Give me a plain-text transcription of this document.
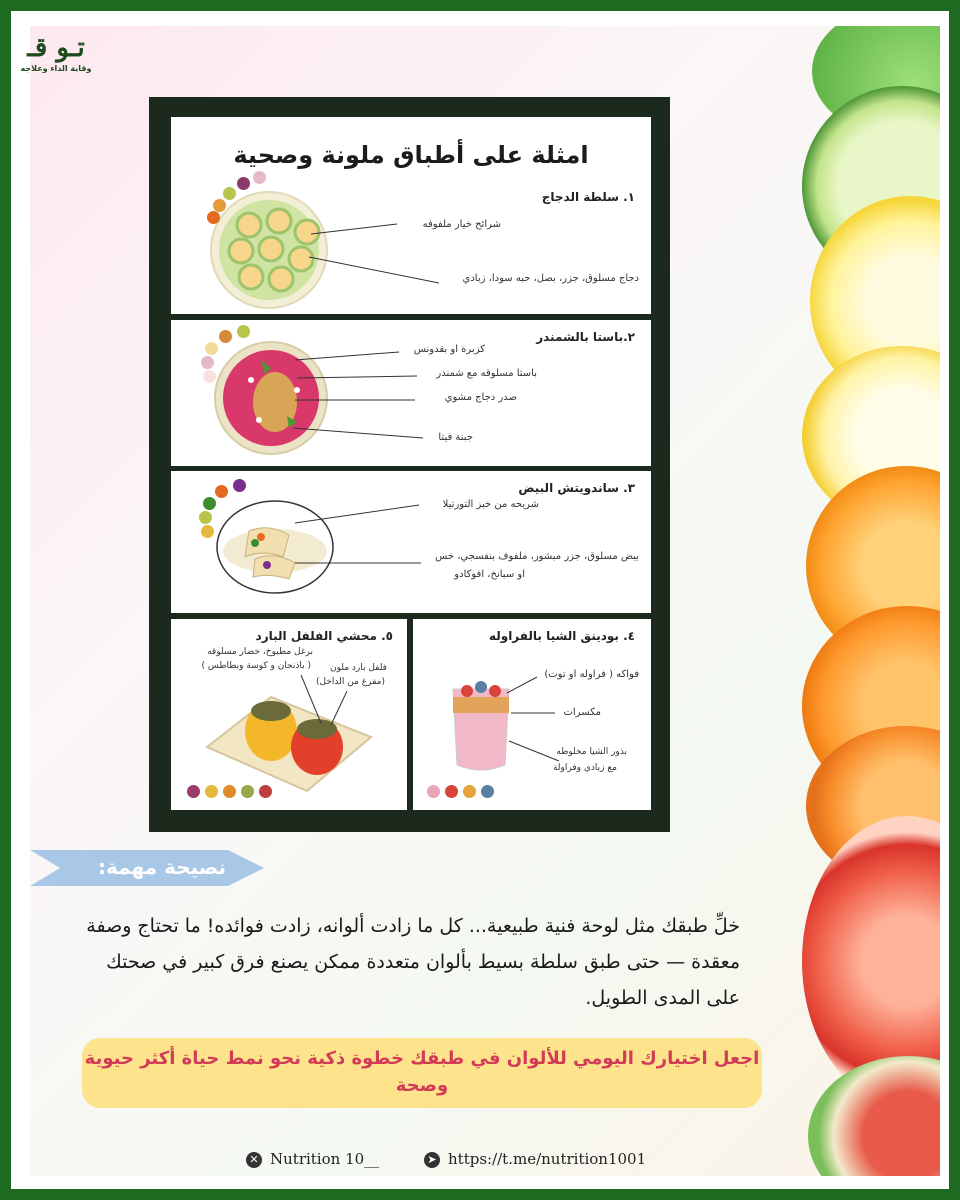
تـو قـ
وقاية الداء وعلاجه
امثلة على أطباق ملونة وصحية
١. سلطة الدجاج
شرائح خيار ملفوفه
دجاج مسلوق، جزر، بصل، حبه سودا، زبادي
٢.باستا بالشمندر
كزبرة او بقدونس
باستا مسلوقه مع شمندر
صدر دجاج مشوي
جبنة فيتا
٣. ساندويتش البيض
شريحه من خبز التورتيلا
بيض مسلوق، جزر مبشور، ملفوف بنفسجي، خس
او سبانخ، افوكادو
٤. بودينق الشيا بالفراوله
فواكه ( فراوله او توت)
مكسرات
بذور الشيا مخلوطه
مع زبادي وفراولة
٥. محشي الفلفل البارد
برغل مطبوخ، خضار مسلوقه
( باذنجان و كوسة وبطاطس ) فلفل بارد ملون
(مفرغ من الداخل)
نصيحة مهمة:
خلِّ طبقك مثل لوحة فنية طبيعية... كل ما زادت ألوانه، زادت فوائده! ما تحتاج وصفة معقدة — حتى طبق سلطة بسيط بألوان متعددة ممكن يصنع فرق كبير في صحتك على المدى الطويل.
اجعل اختيارك اليومي للألوان في طبقك خطوة ذكية نحو نمط حياة أكثر حيوية وصحة
✕ Nutrition 10__	➤ https://t.me/nutrition1001
